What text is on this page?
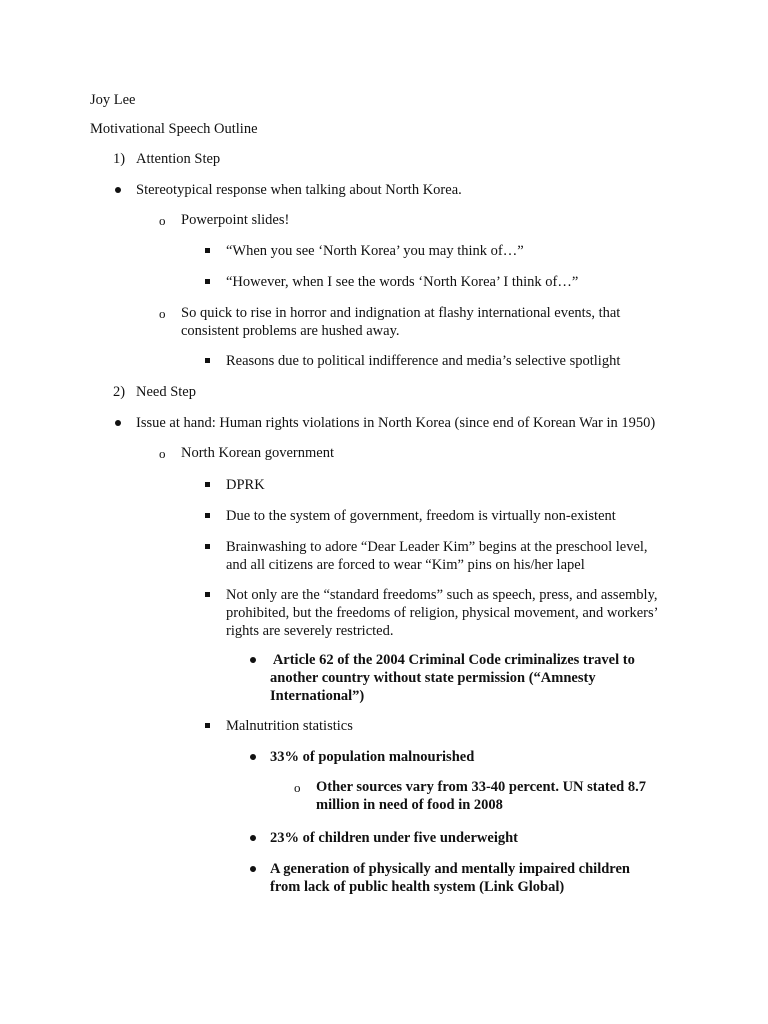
Joy Lee
Motivational Speech Outline
1) Attention Step
Stereotypical response when talking about North Korea.
o Powerpoint slides!
“When you see ‘North Korea’ you may think of…”
“However, when I see the words ‘North Korea’ I think of…”
o So quick to rise in horror and indignation at flashy international events, that
consistent problems are hushed away.
Reasons due to political indifference and media’s selective spotlight
2) Need Step
Issue at hand: Human rights violations in North Korea (since end of Korean War in 1950)
o North Korean government
DPRK
Due to the system of government, freedom is virtually non-existent
Brainwashing to adore “Dear Leader Kim” begins at the preschool level,
and all citizens are forced to wear “Kim” pins on his/her lapel
Not only are the “standard freedoms” such as speech, press, and assembly,
prohibited, but the freedoms of religion, physical movement, and workers’
rights are severely restricted.
Article 62 of the 2004 Criminal Code criminalizes travel to
another country without state permission (“Amnesty
International”)
Malnutrition statistics
33% of population malnourished
o Other sources vary from 33-40 percent. UN stated 8.7
million in need of food in 2008
23% of children under five underweight
A generation of physically and mentally impaired children
from lack of public health system (Link Global)
